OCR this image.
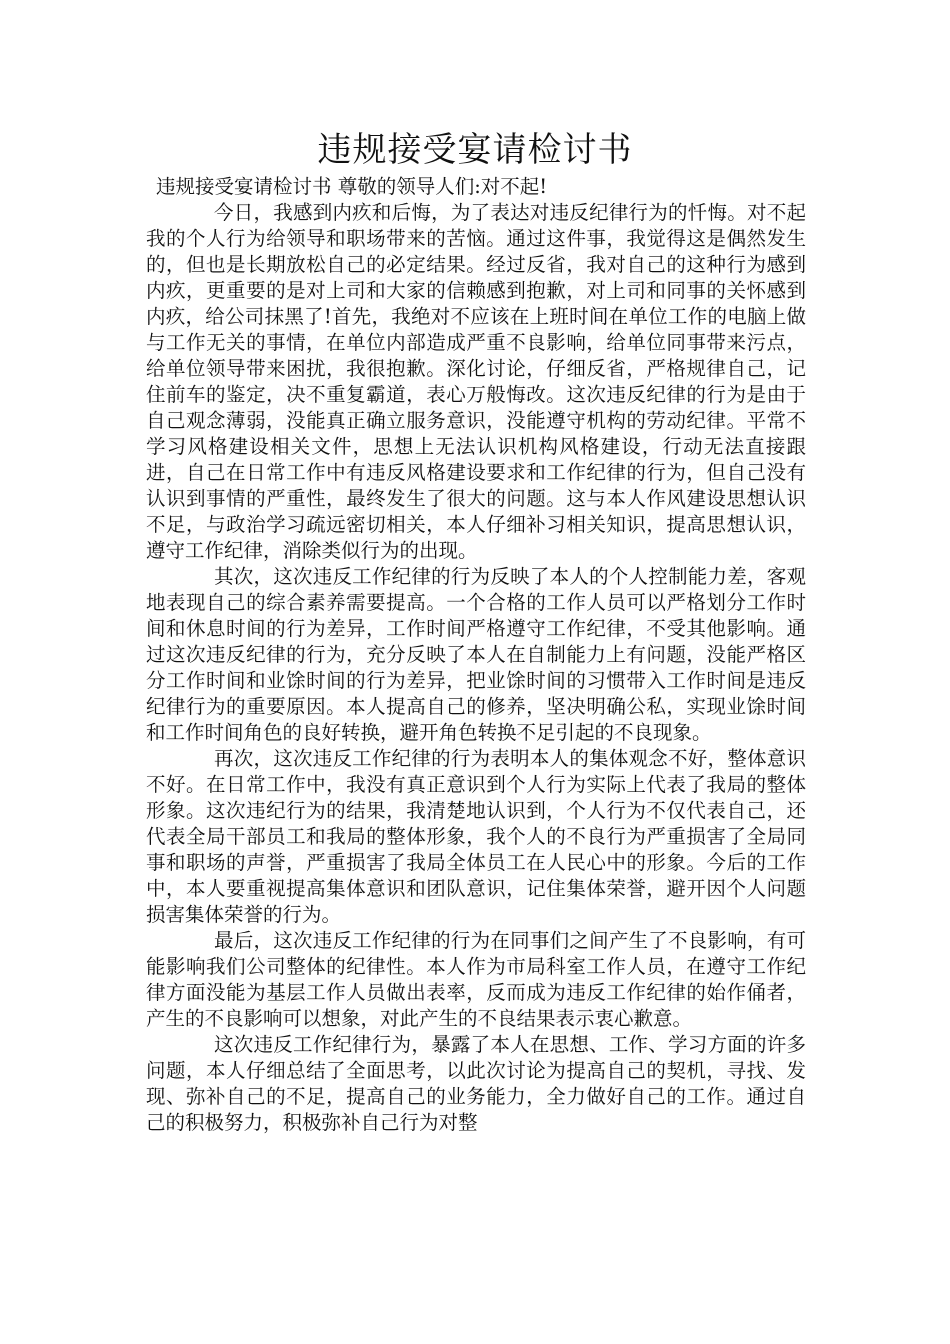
违规接受宴请检讨书

违规接受宴请检讨书 尊敬的领导人们:对不起!

今日，我感到内疚和后悔，为了表达对违反纪律行为的忏悔。对不起我的个人行为给领导和职场带来的苦恼。通过这件事，我觉得这是偶然发生的，但也是长期放松自己的必定结果。经过反省，我对自己的这种行为感到内疚，更重要的是对上司和大家的信赖感到抱歉，对上司和同事的关怀感到内疚，给公司抹黑了!首先，我绝对不应该在上班时间在单位工作的电脑上做与工作无关的事情，在单位内部造成严重不良影响，给单位同事带来污点，给单位领导带来困扰，我很抱歉。深化讨论，仔细反省，严格规律自己，记住前车的鉴定，决不重复霸道，表心万般悔改。这次违反纪律的行为是由于自己观念薄弱，没能真正确立服务意识，没能遵守机构的劳动纪律。平常不学习风格建设相关文件，思想上无法认识机构风格建设，行动无法直接跟进，自己在日常工作中有违反风格建设要求和工作纪律的行为，但自己没有认识到事情的严重性，最终发生了很大的问题。这与本人作风建设思想认识不足，与政治学习疏远密切相关，本人仔细补习相关知识，提高思想认识，遵守工作纪律，消除类似行为的出现。

其次，这次违反工作纪律的行为反映了本人的个人控制能力差，客观地表现自己的综合素养需要提高。一个合格的工作人员可以严格划分工作时间和休息时间的行为差异，工作时间严格遵守工作纪律，不受其他影响。通过这次违反纪律的行为，充分反映了本人在自制能力上有问题，没能严格区分工作时间和业馀时间的行为差异，把业馀时间的习惯带入工作时间是违反纪律行为的重要原因。本人提高自己的修养，坚决明确公私，实现业馀时间和工作时间角色的良好转换，避开角色转换不足引起的不良现象。

再次，这次违反工作纪律的行为表明本人的集体观念不好，整体意识不好。在日常工作中，我没有真正意识到个人行为实际上代表了我局的整体形象。这次违纪行为的结果，我清楚地认识到，个人行为不仅代表自己，还代表全局干部员工和我局的整体形象，我个人的不良行为严重损害了全局同事和职场的声誉，严重损害了我局全体员工在人民心中的形象。今后的工作中，本人要重视提高集体意识和团队意识，记住集体荣誉，避开因个人问题损害集体荣誉的行为。

最后，这次违反工作纪律的行为在同事们之间产生了不良影响，有可能影响我们公司整体的纪律性。本人作为市局科室工作人员，在遵守工作纪律方面没能为基层工作人员做出表率，反而成为违反工作纪律的始作俑者，产生的不良影响可以想象，对此产生的不良结果表示衷心歉意。

这次违反工作纪律行为，暴露了本人在思想、工作、学习方面的许多问题，本人仔细总结了全面思考，以此次讨论为提高自己的契机，寻找、发现、弥补自己的不足，提高自己的业务能力，全力做好自己的工作。通过自己的积极努力，积极弥补自己行为对整
